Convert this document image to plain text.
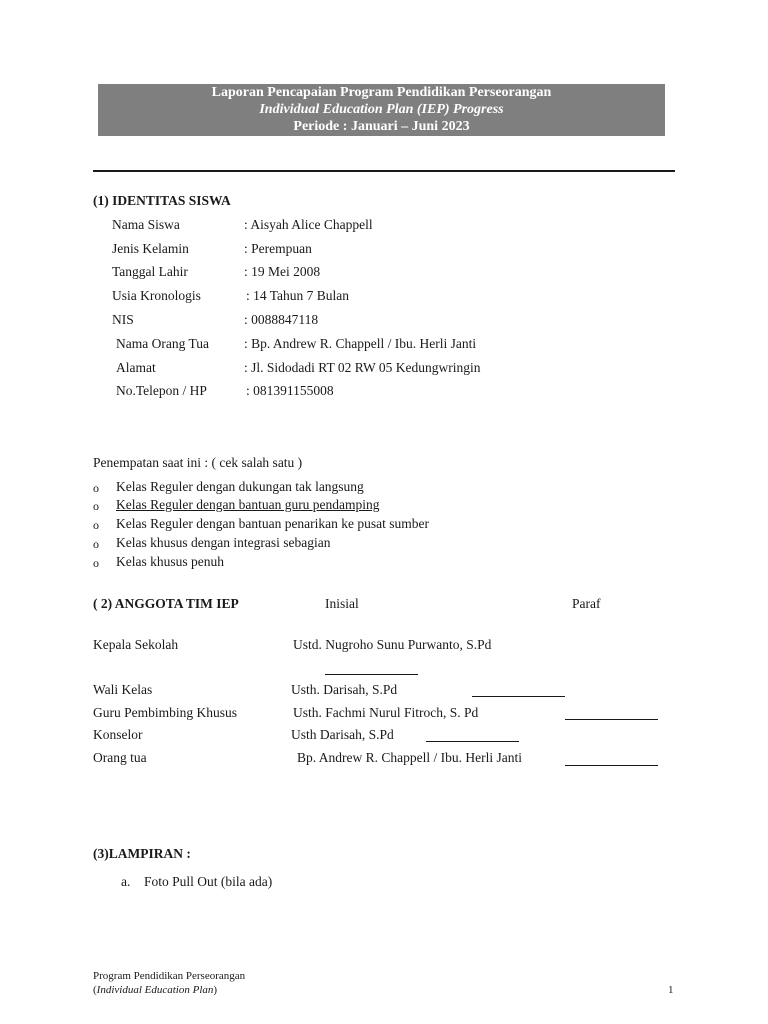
Laporan Pencapaian Program Pendidikan Perseorangan
Individual Education Plan (IEP) Progress
Periode : Januari – Juni 2023
(1) IDENTITAS SISWA
Nama Siswa	: Aisyah Alice Chappell
Jenis Kelamin	: Perempuan
Tanggal Lahir	: 19 Mei 2008
Usia Kronologis	: 14 Tahun 7 Bulan
NIS	: 0088847118
Nama Orang Tua	: Bp. Andrew R. Chappell / Ibu. Herli Janti
Alamat	: Jl. Sidodadi RT 02 RW 05 Kedungwringin
No.Telepon / HP	: 081391155008
Penempatan saat ini : ( cek salah satu )
o Kelas Reguler dengan dukungan tak langsung
o Kelas Reguler dengan bantuan guru pendamping
o Kelas Reguler dengan bantuan penarikan ke pusat sumber
o Kelas khusus dengan integrasi sebagian
o Kelas khusus penuh
( 2) ANGGOTA TIM IEP	Inisial	Paraf
Kepala Sekolah	Ustd. Nugroho Sunu Purwanto, S.Pd
Wali Kelas	Usth. Darisah, S.Pd
Guru Pembimbing Khusus	Usth. Fachmi Nurul Fitroch, S. Pd
Konselor	Usth Darisah, S.Pd
Orang tua	Bp. Andrew R. Chappell / Ibu. Herli Janti
(3)LAMPIRAN :
a. Foto Pull Out (bila ada)
Program Pendidikan Perseorangan
(Individual Education Plan)	1
